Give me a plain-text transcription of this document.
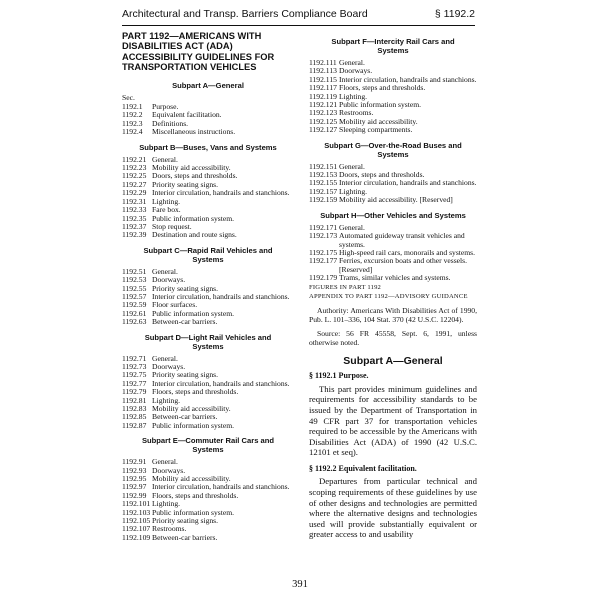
Architectural and Transp. Barriers Compliance Board	§ 1192.2
PART 1192—AMERICANS WITH DISABILITIES ACT (ADA) ACCESSIBILITY GUIDELINES FOR TRANSPORTATION VEHICLES
Subpart A—General
Sec.
1192.1	Purpose.
1192.2	Equivalent facilitation.
1192.3	Definitions.
1192.4	Miscellaneous instructions.
Subpart B—Buses, Vans and Systems
1192.21 General.
1192.23 Mobility aid accessibility.
1192.25 Doors, steps and thresholds.
1192.27 Priority seating signs.
1192.29 Interior circulation, handrails and stanchions.
1192.31 Lighting.
1192.33 Fare box.
1192.35 Public information system.
1192.37 Stop request.
1192.39 Destination and route signs.
Subpart C—Rapid Rail Vehicles and Systems
1192.51 General.
1192.53 Doorways.
1192.55 Priority seating signs.
1192.57 Interior circulation, handrails and stanchions.
1192.59 Floor surfaces.
1192.61 Public information system.
1192.63 Between-car barriers.
Subpart D—Light Rail Vehicles and Systems
1192.71 General.
1192.73 Doorways.
1192.75 Priority seating signs.
1192.77 Interior circulation, handrails and stanchions.
1192.79 Floors, steps and thresholds.
1192.81 Lighting.
1192.83 Mobility aid accessibility.
1192.85 Between-car barriers.
1192.87 Public information system.
Subpart E—Commuter Rail Cars and Systems
1192.91 General.
1192.93 Doorways.
1192.95 Mobility aid accessibility.
1192.97 Interior circulation, handrails and stanchions.
1192.99 Floors, steps and thresholds.
1192.101 Lighting.
1192.103 Public information system.
1192.105 Priority seating signs.
1192.107 Restrooms.
1192.109 Between-car barriers.
Subpart F—Intercity Rail Cars and Systems
1192.111 General.
1192.113 Doorways.
1192.115 Interior circulation, handrails and stanchions.
1192.117 Floors, steps and thresholds.
1192.119 Lighting.
1192.121 Public information system.
1192.123 Restrooms.
1192.125 Mobility aid accessibility.
1192.127 Sleeping compartments.
Subpart G—Over-the-Road Buses and Systems
1192.151 General.
1192.153 Doors, steps and thresholds.
1192.155 Interior circulation, handrails and stanchions.
1192.157 Lighting.
1192.159 Mobility aid accessibility. [Reserved]
Subpart H—Other Vehicles and Systems
1192.171 General.
1192.173 Automated guideway transit vehicles and systems.
1192.175 High-speed rail cars, monorails and systems.
1192.177 Ferries, excursion boats and other vessels. [Reserved]
1192.179 Trams, similar vehicles and systems.
FIGURES IN PART 1192
APPENDIX TO PART 1192—ADVISORY GUIDANCE

Authority: Americans With Disabilities Act of 1990, Pub. L. 101–336, 104 Stat. 370 (42 U.S.C. 12204).

Source: 56 FR 45558, Sept. 6, 1991, unless otherwise noted.

Subpart A—General
§ 1192.1 Purpose.

This part provides minimum guidelines and requirements for accessibility standards to be issued by the Department of Transportation in 49 CFR part 37 for transportation vehicles required to be accessible by the Americans with Disabilities Act (ADA) of 1990 (42 U.S.C. 12101 et seq).

§ 1192.2 Equivalent facilitation.

Departures from particular technical and scoping requirements of these guidelines by use of other designs and technologies are permitted where the alternative designs and technologies used will provide substantially equivalent or greater access to and usability

391
